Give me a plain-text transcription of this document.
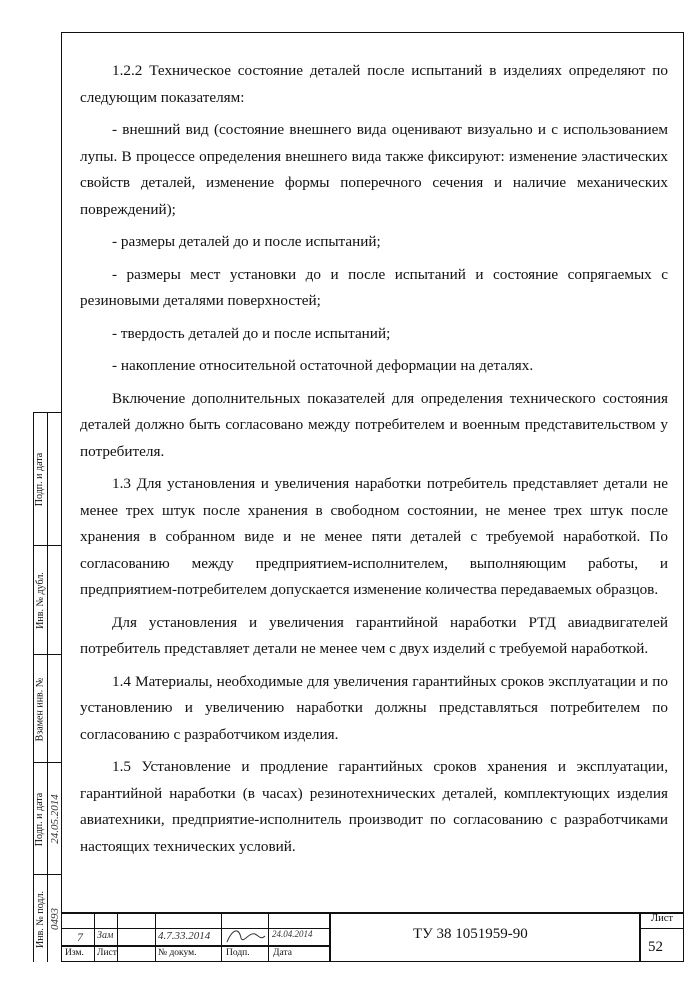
1.2.2 Техническое состояние деталей после испытаний в изделиях определяют по следующим показателям:

- внешний вид (состояние внешнего вида оценивают визуально и с использованием лупы. В процессе определения внешнего вида также фиксируют: изменение эластических свойств деталей, изменение формы поперечного сечения и наличие механических повреждений);

- размеры деталей до и после испытаний;

- размеры мест установки до и после испытаний и состояние сопрягаемых с резиновыми деталями поверхностей;

- твердость деталей до и после испытаний;

- накопление относительной остаточной деформации на деталях.

Включение дополнительных показателей для определения технического состояния деталей должно быть согласовано между потребителем и военным представительством у потребителя.

1.3 Для установления и увеличения наработки потребитель представляет детали не менее трех штук после хранения в свободном состоянии, не менее трех штук после хранения в собранном виде и не менее пяти деталей с требуемой наработкой. По согласованию между предприятием-исполнителем, выполняющим работы, и предприятием-потребителем допускается изменение количества передаваемых образцов.

Для установления и увеличения гарантийной наработки РТД авиадвигателей потребитель представляет детали не менее чем с двух изделий с требуемой наработкой.

1.4 Материалы, необходимые для увеличения гарантийных сроков эксплуатации и по установлению и увеличению наработки должны представляться потребителем по согласованию с разработчиком изделия.

1.5 Установление и продление гарантийных сроков хранения и эксплуатации, гарантийной наработки (в часах) резинотехнических деталей, комплектующих изделия авиатехники, предприятие-исполнитель производит по согласованию с разработчиками настоящих технических условий.

Подп. и дата
Инв. № дубл.
Взамен инв. №
Подп. и дата 24.05.2014
Инв. № подл. 0493
Изм. Лист	№ докум.	Подп. Дата
7 Зам	4.7.33.2014	24.04.2014	ТУ 38 1051959-90
Лист
52
